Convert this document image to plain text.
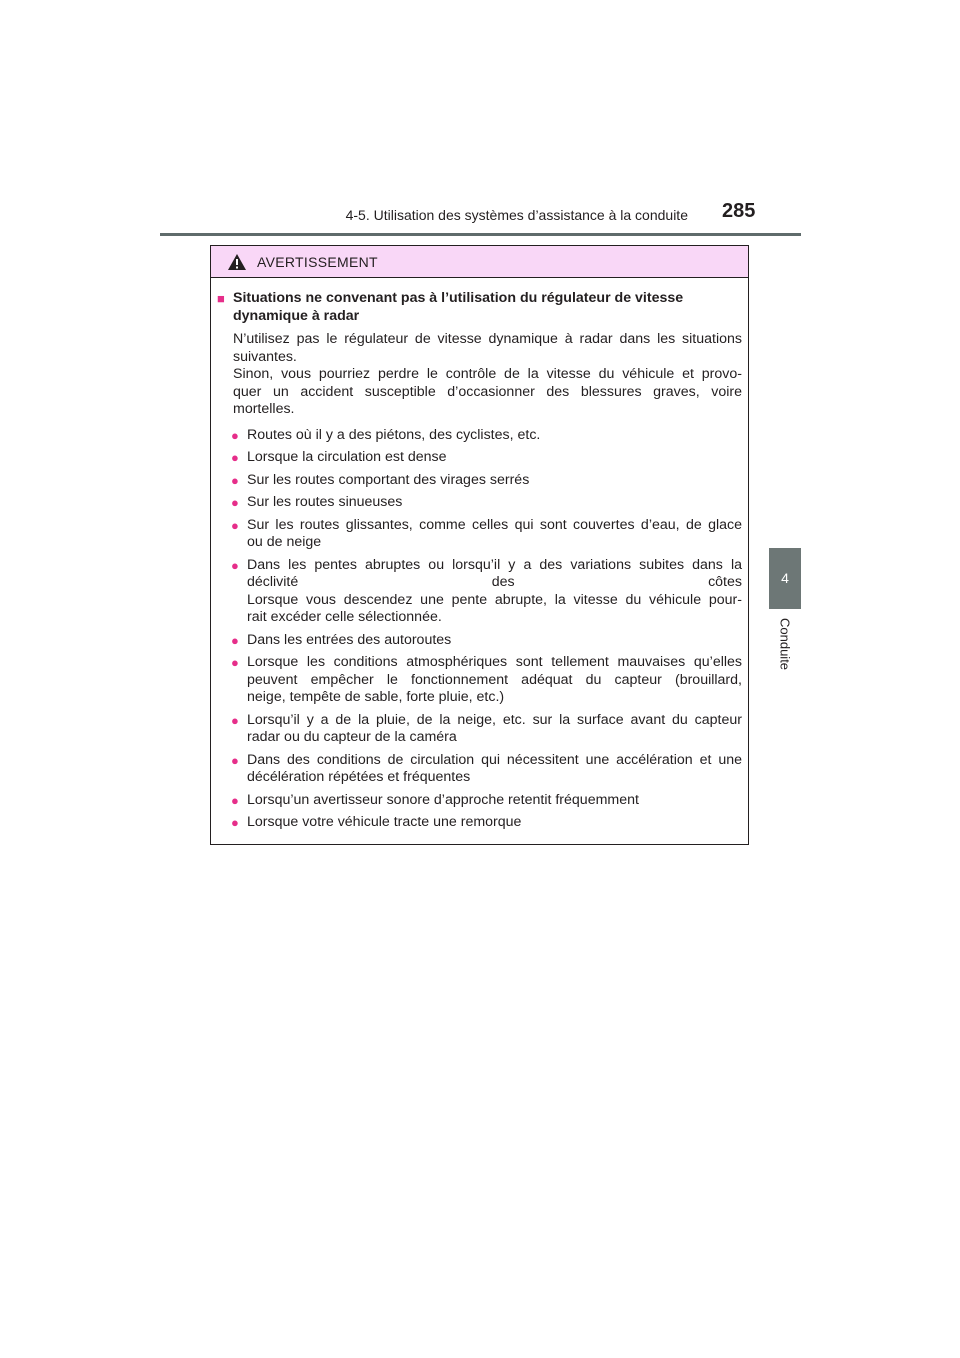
4-5. Utilisation des systèmes d’assistance à la conduite 285
4
Conduite
AVERTISSEMENT
■ Situations ne convenant pas à l’utilisation du régulateur de vitesse
dynamique à radar
N’utilisez pas le régulateur de vitesse dynamique à radar dans les situations
suivantes.
Sinon, vous pourriez perdre le contrôle de la vitesse du véhicule et provo-
quer un accident susceptible d’occasionner des blessures graves, voire
mortelles.
● Routes où il y a des piétons, des cyclistes, etc.
● Lorsque la circulation est dense
● Sur les routes comportant des virages serrés
● Sur les routes sinueuses
● Sur les routes glissantes, comme celles qui sont couvertes d’eau, de glace
ou de neige
● Dans les pentes abruptes ou lorsqu’il y a des variations subites dans la
déclivité des côtes
Lorsque vous descendez une pente abrupte, la vitesse du véhicule pour-
rait excéder celle sélectionnée.
● Dans les entrées des autoroutes
● Lorsque les conditions atmosphériques sont tellement mauvaises qu’elles
peuvent empêcher le fonctionnement adéquat du capteur (brouillard,
neige, tempête de sable, forte pluie, etc.)
● Lorsqu’il y a de la pluie, de la neige, etc. sur la surface avant du capteur
radar ou du capteur de la caméra
● Dans des conditions de circulation qui nécessitent une accélération et une
décélération répétées et fréquentes
● Lorsqu’un avertisseur sonore d’approche retentit fréquemment
● Lorsque votre véhicule tracte une remorque
